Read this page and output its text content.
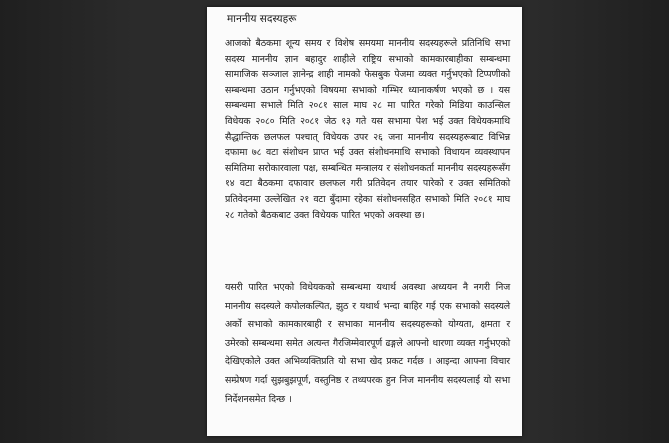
माननीय सदस्यहरू
आजको बैठकमा शून्य समय र विशेष समयमा माननीय सदस्यहरूले प्रतिनिधि सभा सदस्य माननीय ज्ञान बहादुर शाहीले राष्ट्रिय सभाको कामकारबाहीका सम्बन्धमा सामाजिक सञ्जाल ज्ञानेन्द्र शाही नामको फेसबुक पेजमा व्यक्त गर्नुभएको टिप्पणीको सम्बन्धमा उठान गर्नुभएको विषयमा सभाको गम्भिर ध्यानाकर्षण भएको छ । यस सम्बन्धमा सभाले मिति २०८१ साल माघ २८ मा पारित गरेको मिडिया काउन्सिल विधेयक २०८० मिति २०८१ जेठ १३ गते यस सभामा पेश भई उक्त विधेयकमाथि सैद्धान्तिक छलफल पश्चात् विधेयक उपर २६ जना माननीय सदस्यहरूबाट विभिन्न दफामा ७८ वटा संशोधन प्राप्त भई उक्त संशोधनमाथि सभाको विधायन व्यवस्थापन समितिमा सरोकारवाला पक्ष, सम्बन्धित मन्त्रालय र संशोधनकर्ता माननीय सदस्यहरूसँग १४ वटा बैठकमा दफावार छलफल गरी प्रतिवेदन तयार पारेको र उक्त समितिको प्रतिवेदनमा उल्लेखित २१ वटा बुँदामा रहेका संशोधनसहित सभाको मिति २०८१ माघ २८ गतेको बैठकबाट उक्त विधेयक पारित भएको अवस्था छ।
यसरी पारित भएको विधेयकको सम्बन्धमा यथार्थ अवस्था अध्ययन नै नगरी निज माननीय सदस्यले कपोलकल्पित, झुठ र यथार्थ भन्दा बाहिर गई एक सभाको सदस्यले अर्को सभाको कामकारबाही र सभाका माननीय सदस्यहरूको योग्यता, क्षमता र उमेरको सम्बन्धमा समेत अत्यन्त गैरजिम्मेवारपूर्ण ढङ्गले आफ्नो धारणा व्यक्त गर्नुभएको देखिएकोले उक्त अभिव्यक्तिप्रति यो सभा खेद प्रकट गर्दछ । आइन्दा आफ्ना विचार सम्प्रेषण गर्दा सुझबुझपूर्ण, वस्तुनिष्ठ र तथ्यपरक हुन निज माननीय सदस्यलाई यो सभा निर्देशनसमेत दिन्छ ।
